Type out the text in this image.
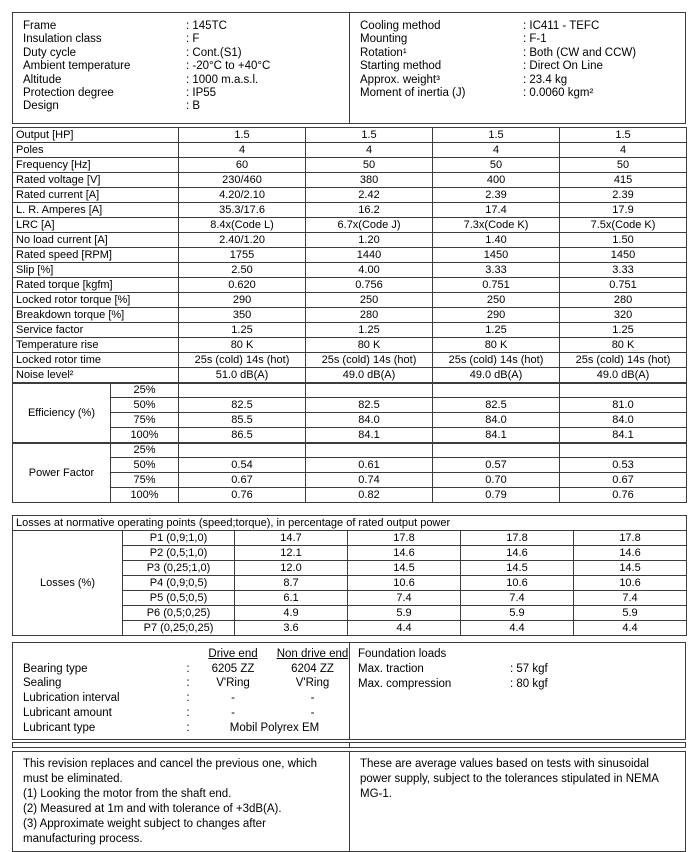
Frame	: 145TC
Insulation class	: F
Duty cycle	: Cont.(S1)
Ambient temperature	: -20°C to +40°C
Altitude	: 1000 m.a.s.l.
Protection degree	: IP55
Design	: B
Cooling method	: IC411 - TEFC
Mounting	: F-1
Rotation¹	: Both (CW and CCW)
Starting method	: Direct On Line
Approx. weight³	: 23.4 kg
Moment of inertia (J)	: 0.0060 kgm²
Output [HP]		1.5	1.5	1.5	1.5
Poles		4	4	4	4
Frequency [Hz]		60	50	50	50
Rated voltage [V]		230/460	380	400	415
Rated current [A]		4.20/2.10	2.42	2.39	2.39
L. R. Amperes [A]		35.3/17.6	16.2	17.4	17.9
LRC [A]		8.4x(Code L)	6.7x(Code J)	7.3x(Code K)	7.5x(Code K)
No load current [A]		2.40/1.20	1.20	1.40	1.50
Rated speed [RPM]		1755	1440	1450	1450
Slip [%]		2.50	4.00	3.33	3.33
Rated torque [kgfm]		0.620	0.756	0.751	0.751
Locked rotor torque [%]		290	250	250	280
Breakdown torque [%]		350	280	290	320
Service factor		1.25	1.25	1.25	1.25
Temperature rise		80 K	80 K	80 K	80 K
Locked rotor time		25s (cold) 14s (hot)	25s (cold) 14s (hot)	25s (cold) 14s (hot)	25s (cold) 14s (hot)
Noise level²		51.0 dB(A)	49.0 dB(A)	49.0 dB(A)	49.0 dB(A)
Efficiency (%)	25%				
	50%	82.5	82.5	82.5	81.0
	75%	85.5	84.0	84.0	84.0
	100%	86.5	84.1	84.1	84.1
Power Factor	25%				
	50%	0.54	0.61	0.57	0.53
	75%	0.67	0.74	0.70	0.67
	100%	0.76	0.82	0.79	0.76
Losses at normative operating points (speed;torque), in percentage of rated output power					
Losses (%)	P1 (0,9;1,0)	14.7	17.8	17.8	17.8
	P2 (0,5;1,0)	12.1	14.6	14.6	14.6
	P3 (0,25;1,0)	12.0	14.5	14.5	14.5
	P4 (0,9;0,5)	8.7	10.6	10.6	10.6
	P5 (0,5;0,5)	6.1	7.4	7.4	7.4
	P6 (0,5;0,25)	4.9	5.9	5.9	5.9
	P7 (0,25;0,25)	3.6	4.4	4.4	4.4
		Drive end	Non drive end
Bearing type	:	6205 ZZ	6204 ZZ
Sealing	:	V'Ring	V'Ring
Lubrication interval	:	-	-
Lubricant amount	:	-	-
Lubricant type	:	Mobil Polyrex EM	
Foundation loads
Max. traction	: 57 kgf
Max. compression	: 80 kgf
This revision replaces and cancel the previous one, which must be eliminated.
(1) Looking the motor from the shaft end.
(2) Measured at 1m and with tolerance of +3dB(A).
(3) Approximate weight subject to changes after manufacturing process.
These are average values based on tests with sinusoidal power supply, subject to the tolerances stipulated in NEMA MG-1.
